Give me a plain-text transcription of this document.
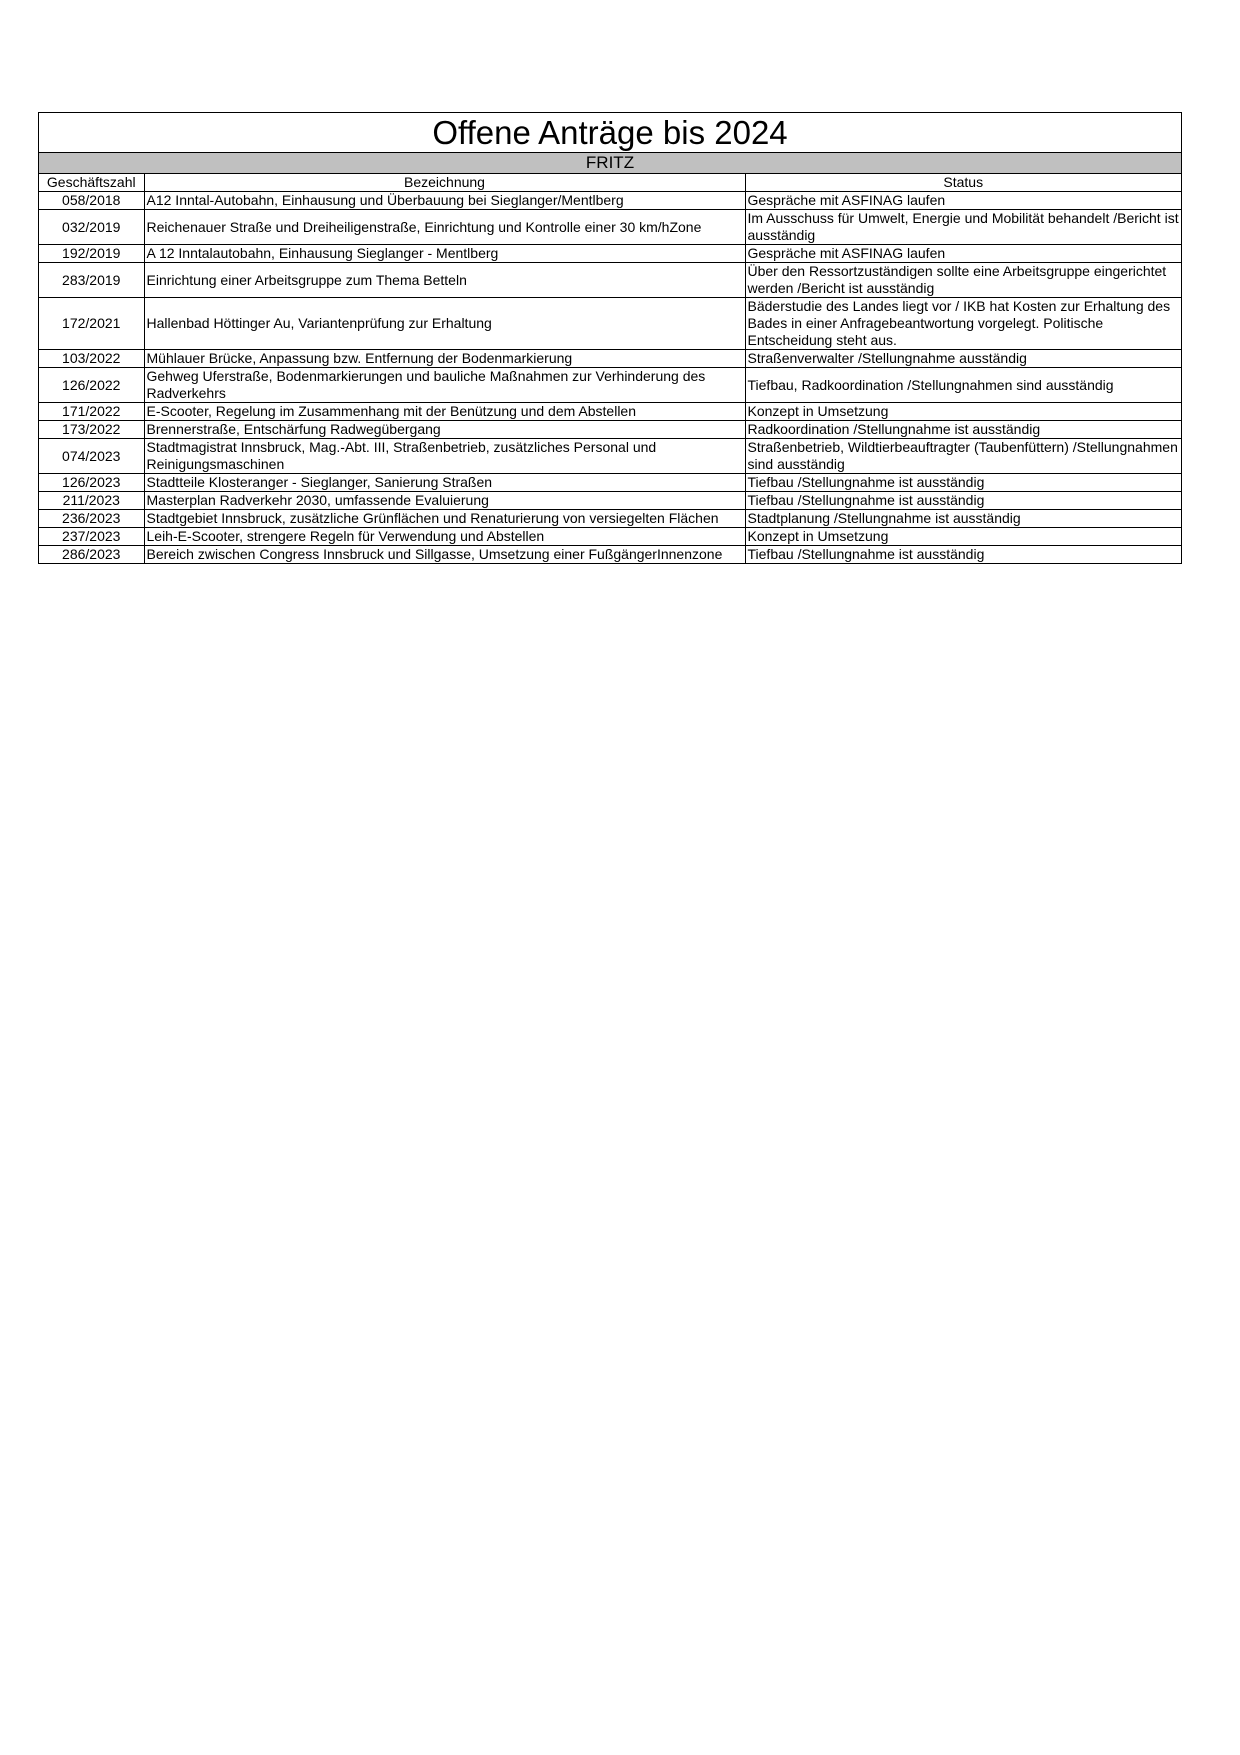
Offene Anträge bis 2024
FRITZ
Geschäftszahl	Bezeichnung	Status
058/2018	A12 Inntal-Autobahn, Einhausung und Überbauung bei Sieglanger/Mentlberg	Gespräche mit ASFINAG laufen
032/2019	Reichenauer Straße und Dreiheiligenstraße, Einrichtung und Kontrolle einer 30 km/hZone	Im Ausschuss für Umwelt, Energie und Mobilität behandelt /Bericht ist ausständig
192/2019	A 12 Inntalautobahn, Einhausung Sieglanger - Mentlberg	Gespräche mit ASFINAG laufen
283/2019	Einrichtung einer Arbeitsgruppe zum Thema Betteln	Über den Ressortzuständigen sollte eine Arbeitsgruppe eingerichtet werden /Bericht ist ausständig
172/2021	Hallenbad Höttinger Au, Variantenprüfung zur Erhaltung	Bäderstudie des Landes liegt vor / IKB hat Kosten zur Erhaltung des Bades in einer Anfragebeantwortung vorgelegt. Politische Entscheidung steht aus.
103/2022	Mühlauer Brücke, Anpassung bzw. Entfernung der Bodenmarkierung	Straßenverwalter /Stellungnahme ausständig
126/2022	Gehweg Uferstraße, Bodenmarkierungen und bauliche Maßnahmen zur Verhinderung des Radverkehrs	Tiefbau, Radkoordination /Stellungnahmen sind ausständig
171/2022	E-Scooter, Regelung im Zusammenhang mit der Benützung und dem Abstellen	Konzept in Umsetzung
173/2022	Brennerstraße, Entschärfung Radwegübergang	Radkoordination /Stellungnahme ist ausständig
074/2023	Stadtmagistrat Innsbruck, Mag.-Abt. III, Straßenbetrieb, zusätzliches Personal und Reinigungsmaschinen	Straßenbetrieb, Wildtierbeauftragter (Taubenfüttern) /Stellungnahmen sind ausständig
126/2023	Stadtteile Klosteranger - Sieglanger, Sanierung Straßen	Tiefbau /Stellungnahme ist ausständig
211/2023	Masterplan Radverkehr 2030, umfassende Evaluierung	Tiefbau /Stellungnahme ist ausständig
236/2023	Stadtgebiet Innsbruck, zusätzliche Grünflächen und Renaturierung von versiegelten Flächen	Stadtplanung /Stellungnahme ist ausständig
237/2023	Leih-E-Scooter, strengere Regeln für Verwendung und Abstellen	Konzept in Umsetzung
286/2023	Bereich zwischen Congress Innsbruck und Sillgasse, Umsetzung einer FußgängerInnenzone	Tiefbau /Stellungnahme ist ausständig
